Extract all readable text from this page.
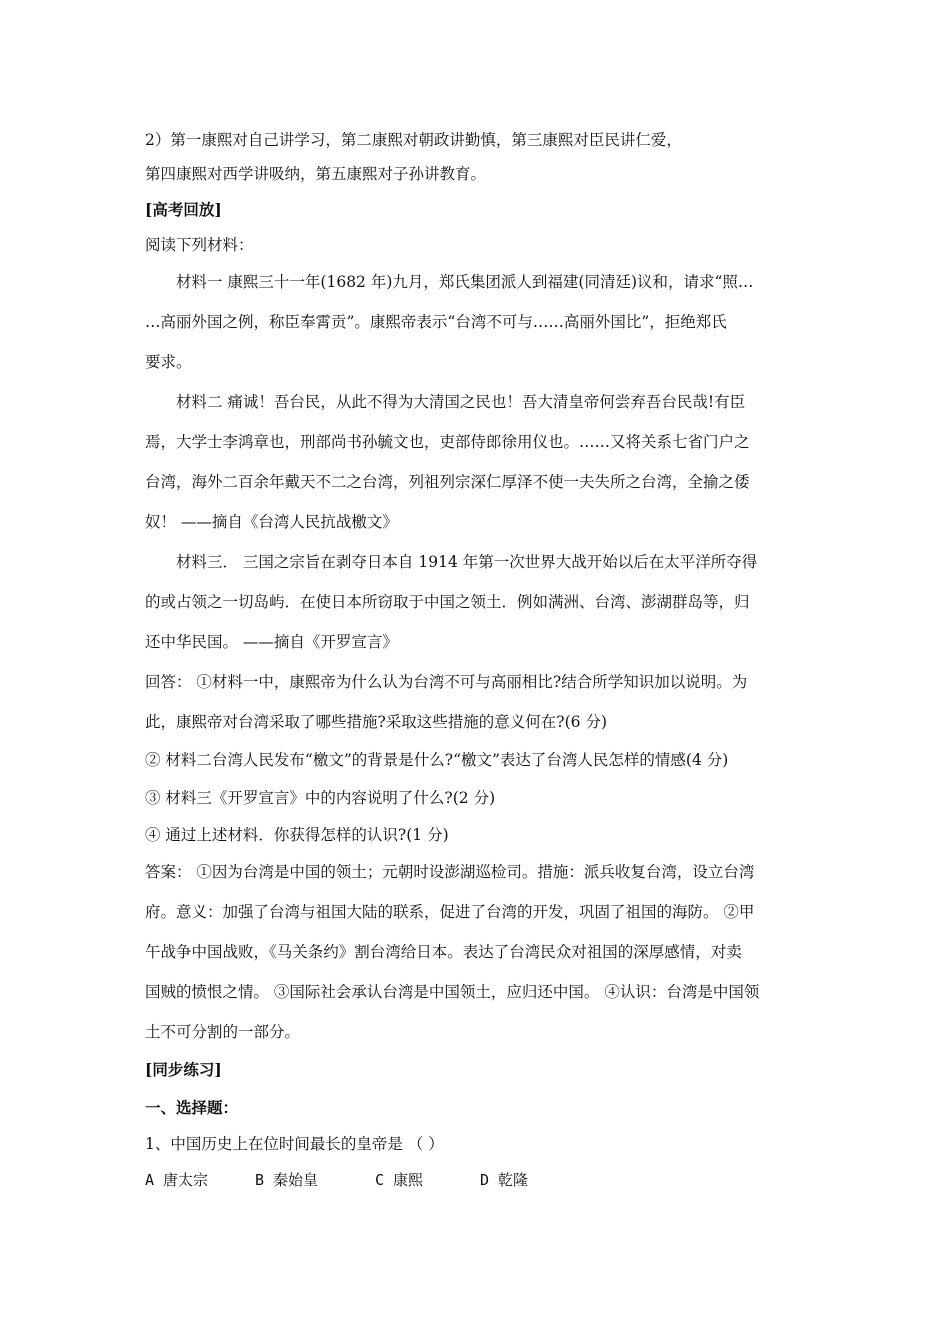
2）第一康熙对自己讲学习，第二康熙对朝政讲勤慎，第三康熙对臣民讲仁爱，
第四康熙对西学讲吸纳，第五康熙对子孙讲教育。
[高考回放]
阅读下列材料：
材料一 康熙三十一年(1682 年)九月，郑氏集团派人到福建(同清廷)议和，请求“照…
…高丽外国之例，称臣奉霄贡”。康熙帝表示“台湾不可与……高丽外国比”，拒绝郑氏
要求。
材料二 痛诚！吾台民，从此不得为大清国之民也！吾大清皇帝何尝弃吾台民哉!有臣
焉，大学士李鸿章也，刑部尚书孙毓文也，吏部侍郎徐用仪也。……又将关系七省门户之
台湾，海外二百余年戴天不二之台湾，列祖列宗深仁厚泽不使一夫失所之台湾，全揄之倭
奴！ ——摘自《台湾人民抗战檄文》
材料三． 三国之宗旨在剥夺日本自 1914 年第一次世界大战开始以后在太平洋所夺得
的或占领之一切岛屿．在使日本所窃取于中国之领土．例如满洲、台湾、澎湖群岛等，归
还中华民国。 ——摘自《开罗宣言》
回答： ①材料一中，康熙帝为什么认为台湾不可与高丽相比?结合所学知识加以说明。为
此，康熙帝对台湾采取了哪些措施?采取这些措施的意义何在?(6 分)
② 材料二台湾人民发布“檄文”的背景是什么?“檄文”表达了台湾人民怎样的情感(4 分)
③ 材料三《开罗宣言》中的内容说明了什么?(2 分)
④ 通过上述材料．你获得怎样的认识?(1 分)
答案： ①因为台湾是中国的领土；元朝时设澎湖巡检司。措施：派兵收复台湾，设立台湾
府。意义：加强了台湾与祖国大陆的联系，促进了台湾的开发，巩固了祖国的海防。 ②甲
午战争中国战败，《马关条约》割台湾给日本。表达了台湾民众对祖国的深厚感情，对卖
国贼的愤恨之情。 ③国际社会承认台湾是中国领土，应归还中国。 ④认识：台湾是中国领
土不可分割的一部分。
[同步练习]
一、选择题：
1、中国历史上在位时间最长的皇帝是 （ ）
A 唐太宗	B 秦始皇	C 康熙	D 乾隆
